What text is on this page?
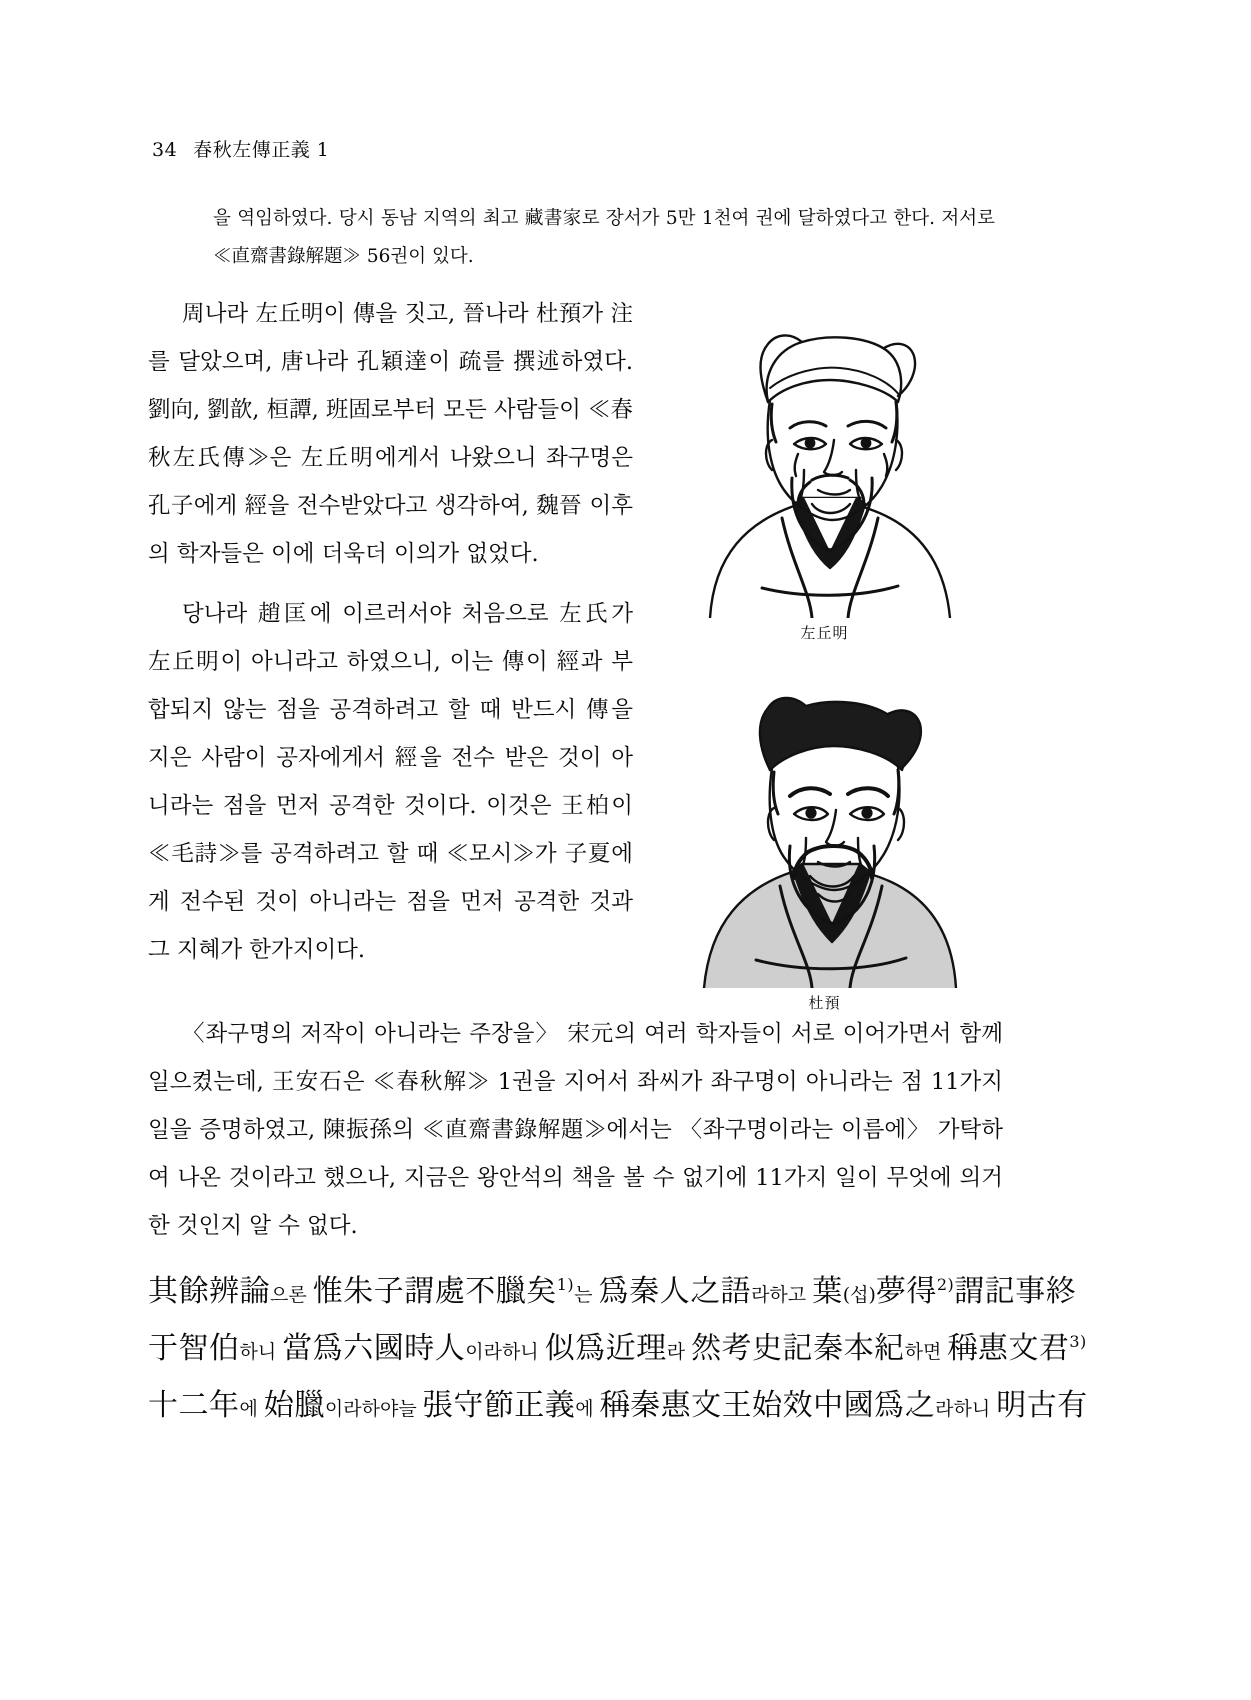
34 春秋左傳正義 1

을 역임하였다. 당시 동남 지역의 최고 藏書家로 장서가 5만 1천여 권에 달하였다고 한다. 저서로 ≪直齋書錄解題≫ 56권이 있다.

周나라 左丘明이 傳을 짓고, 晉나라 杜預가 注를 달았으며, 唐나라 孔穎達이 疏를 撰述하였다. 劉向, 劉歆, 桓譚, 班固로부터 모든 사람들이 ≪春秋左氏傳≫은 左丘明에게서 나왔으니 좌구명은 孔子에게 經을 전수받았다고 생각하여, 魏晉 이후의 학자들은 이에 더욱더 이의가 없었다.

당나라 趙匡에 이르러서야 처음으로 左氏가 左丘明이 아니라고 하였으니, 이는 傳이 經과 부합되지 않는 점을 공격하려고 할 때 반드시 傳을 지은 사람이 공자에게서 經을 전수 받은 것이 아니라는 점을 먼저 공격한 것이다. 이것은 王柏이 ≪毛詩≫를 공격하려고 할 때 ≪모시≫가 子夏에게 전수된 것이 아니라는 점을 먼저 공격한 것과 그 지혜가 한가지이다.

左丘明
杜預

〈좌구명의 저작이 아니라는 주장을〉 宋元의 여러 학자들이 서로 이어가면서 함께 일으켰는데, 王安石은 ≪春秋解≫ 1권을 지어서 좌씨가 좌구명이 아니라는 점 11가지 일을 증명하였고, 陳振孫의 ≪直齋書錄解題≫에서는 〈좌구명이라는 이름에〉 가탁하여 나온 것이라고 했으나, 지금은 왕안석의 책을 볼 수 없기에 11가지 일이 무엇에 의거한 것인지 알 수 없다.

其餘辨論으론 惟朱子謂處不臘矣$^{1)}$는 爲秦人之語라하고 葉(섭)夢得$^{2)}$謂記事終
于智伯하니 當爲六國時人이라하니 似爲近理라 然考史記秦本紀하면 稱惠文君$^{3)}$
十二年에 始臘이라하야늘 張守節正義에 稱秦惠文王始效中國爲之라하니 明古有
